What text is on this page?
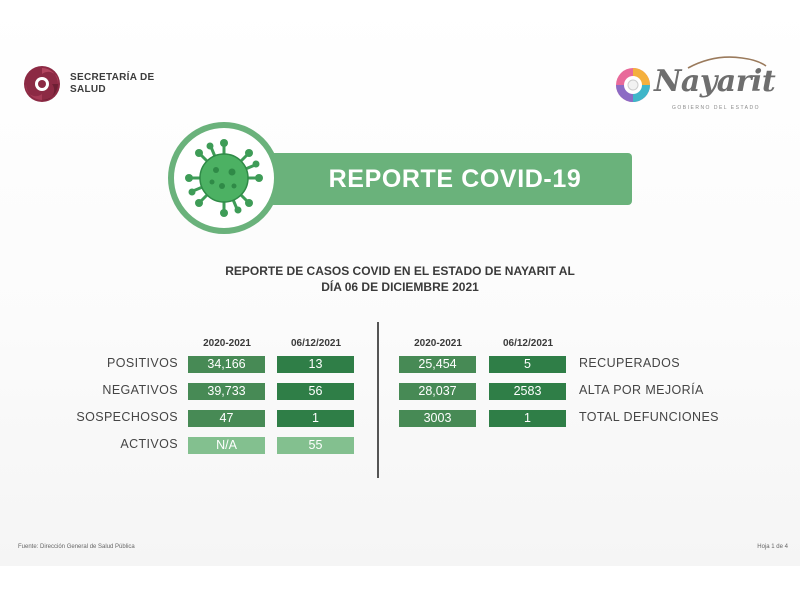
SECRETARÍA DE
SALUD	Nayarit
GOBIERNO DEL ESTADO
REPORTE COVID-19
REPORTE DE CASOS COVID EN EL ESTADO DE NAYARIT AL
DÍA 06 DE DICIEMBRE 2021
2020-2021	06/12/2021
POSITIVOS	34,166	13
NEGATIVOS	39,733	56
SOSPECHOSOS	47	1
ACTIVOS	N/A	55
2020-2021	06/12/2021
25,454	5	RECUPERADOS
28,037	2583	ALTA POR MEJORÍA
3003	1	TOTAL DEFUNCIONES
Fuente: Dirección General de Salud Pública	Hoja 1 de 4
